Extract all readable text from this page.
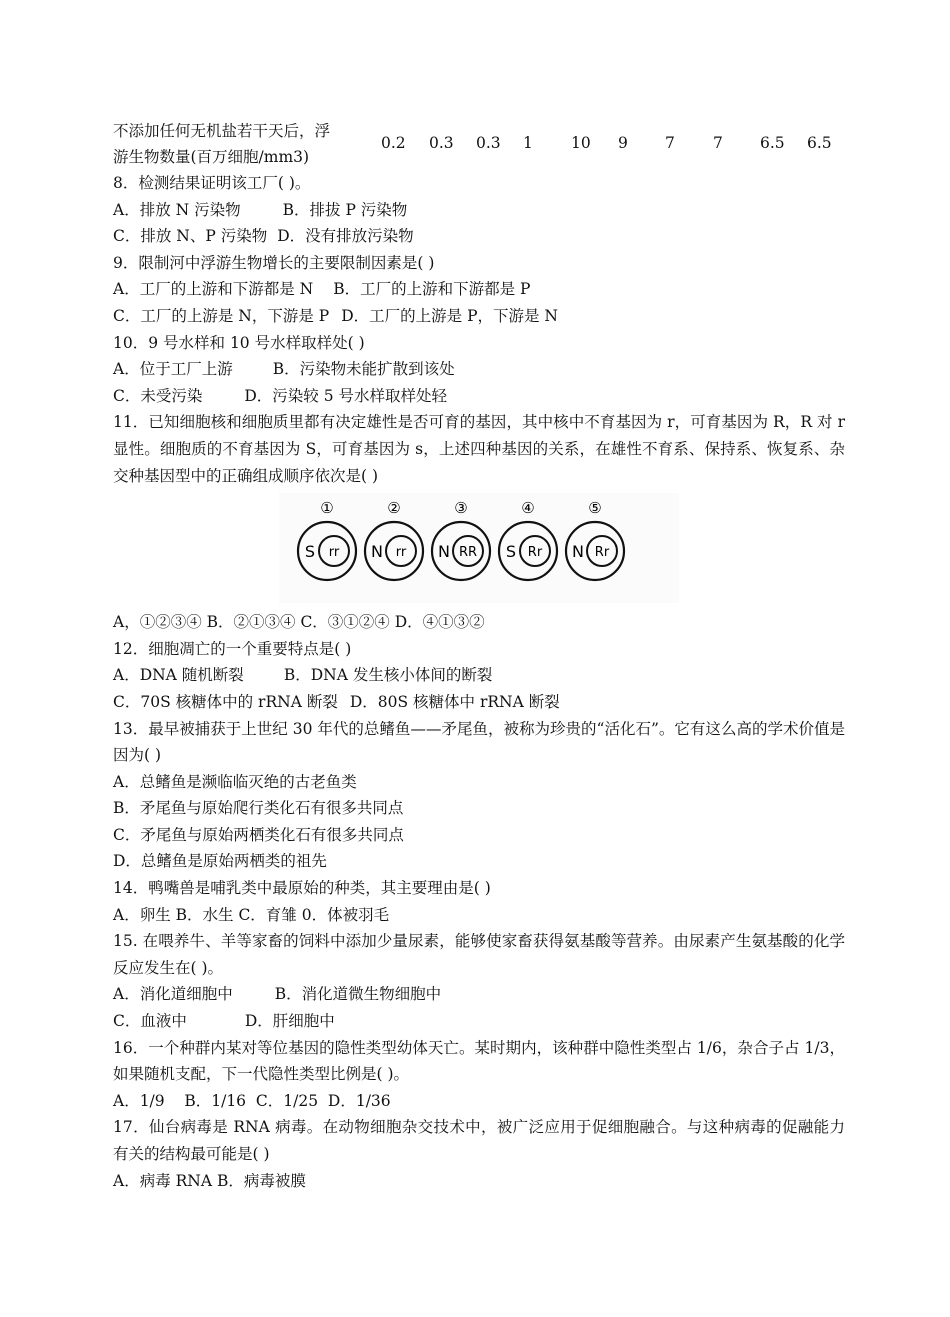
不添加任何无机盐若干天后，浮
游生物数量(百万细胞/mm3)
0.2 0.3 0.3 1 10 9 7 7 6.5 6.5
8．检测结果证明该工厂( )。
A．排放 N 污染物	B．排拔 P 污染物
C．排放 N、P 污染物 D．没有排放污染物
9．限制河中浮游生物增长的主要限制因素是( )
A．工厂的上游和下游都是 N B．工厂的上游和下游都是 P
C．工厂的上游是 N，下游是 P D．工厂的上游是 P，下游是 N
10．9 号水样和 10 号水样取样处( )
A．位于工厂上游	B．污染物未能扩散到该处
C．未受污染	D．污染较 5 号水样取样处轻
11．已知细胞核和细胞质里都有决定雄性是否可育的基因，其中核中不育基因为 r，可育基因为 R，R 对 r 显性。细胞质的不育基因为 S，可育基因为 s，上述四种基因的关系，在雄性不育系、保持系、恢复系、杂交种基因型中的正确组成顺序依次是( )
①
S rr
②
N rr
③
N RR
④
S Rr
⑤
N Rr
A，①②③④ B．②①③④ C．③①②④ D．④①③②
12．细胞凋亡的一个重要特点是( )
A．DNA 随机断裂	B．DNA 发生核小体间的断裂
C．70S 核糖体中的 rRNA 断裂 D．80S 核糖体中 rRNA 断裂
13．最早被捕获于上世纪 30 年代的总鳍鱼——矛尾鱼，被称为珍贵的“活化石”。它有这么高的学术价值是因为( )
A．总鳍鱼是濒临临灭绝的古老鱼类
B．矛尾鱼与原始爬行类化石有很多共同点
C．矛尾鱼与原始两栖类化石有很多共同点
D．总鳍鱼是原始两栖类的祖先
14．鸭嘴兽是哺乳类中最原始的种类，其主要理由是( )
A．卵生 B．水生 C．育雏 0．体被羽毛
15. 在喂养牛、羊等家畜的饲料中添加少量尿素，能够使家畜获得氨基酸等营养。由尿素产生氨基酸的化学反应发生在( )。
A．消化道细胞中	B．消化道微生物细胞中
C．血液中	D．肝细胞中
16．一个种群内某对等位基因的隐性类型幼体天亡。某时期内，该种群中隐性类型占 1/6，杂合子占 1/3，如果随机支配，下一代隐性类型比例是( )。
A．1/9    B．1/16  C．1/25  D．1/36
17．仙台病毒是 RNA 病毒。在动物细胞杂交技术中，被广泛应用于促细胞融合。与这种病毒的促融能力有关的结构最可能是( )
A．病毒 RNA B．病毒被膜
